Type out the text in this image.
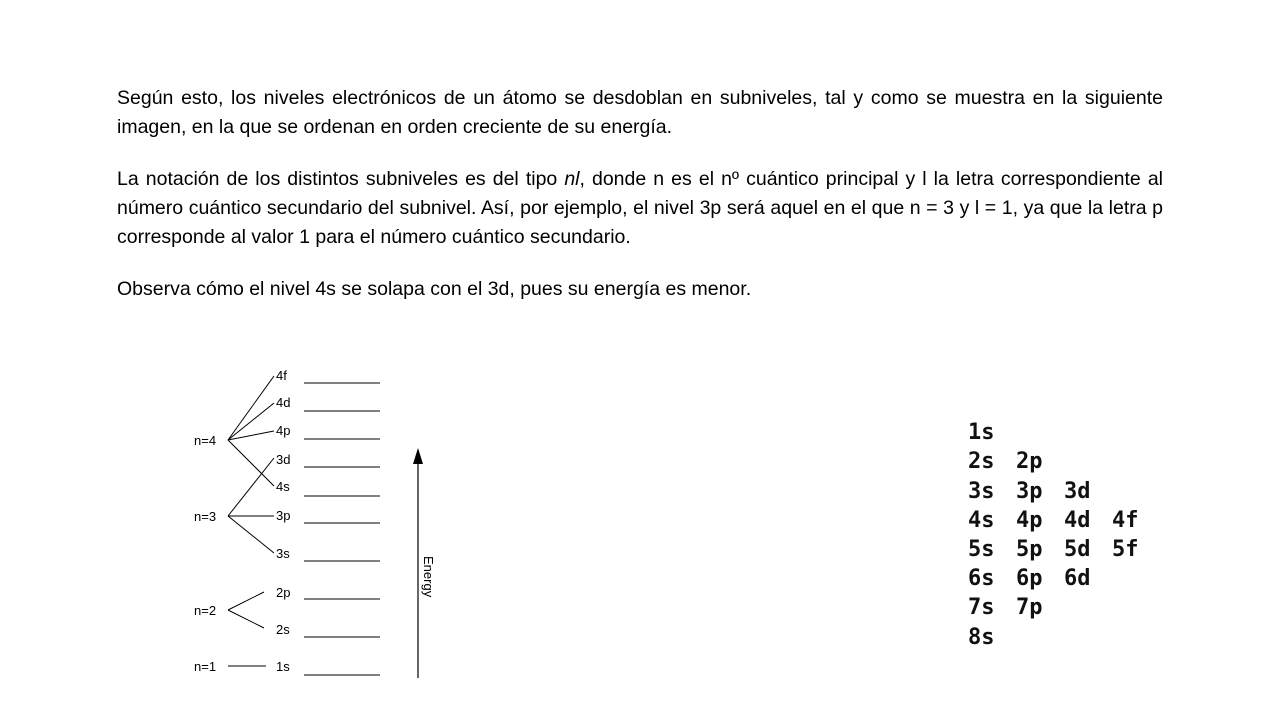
Según esto, los niveles electrónicos de un átomo se desdoblan en subniveles, tal y como se muestra en la siguiente imagen, en la que se ordenan en orden creciente de su energía.

La notación de los distintos subniveles es del tipo nl, donde n es el nº cuántico principal y l la letra correspondiente al número cuántico secundario del subnivel. Así, por ejemplo, el nivel 3p será aquel en el que n = 3 y l = 1, ya que la letra p corresponde al valor 1 para el número cuántico secundario.

Observa cómo el nivel 4s se solapa con el 3d, pues su energía es menor.

n=4
n=3
n=2
n=1
4f
4d
4p
3d
4s
3p
3s
2p
2s
1s
Energy

1s

2s 2p

3s 3p 3d

4s 4p 4d 4f

5s 5p 5d 5f

6s 6p 6d

7s 7p

8s
